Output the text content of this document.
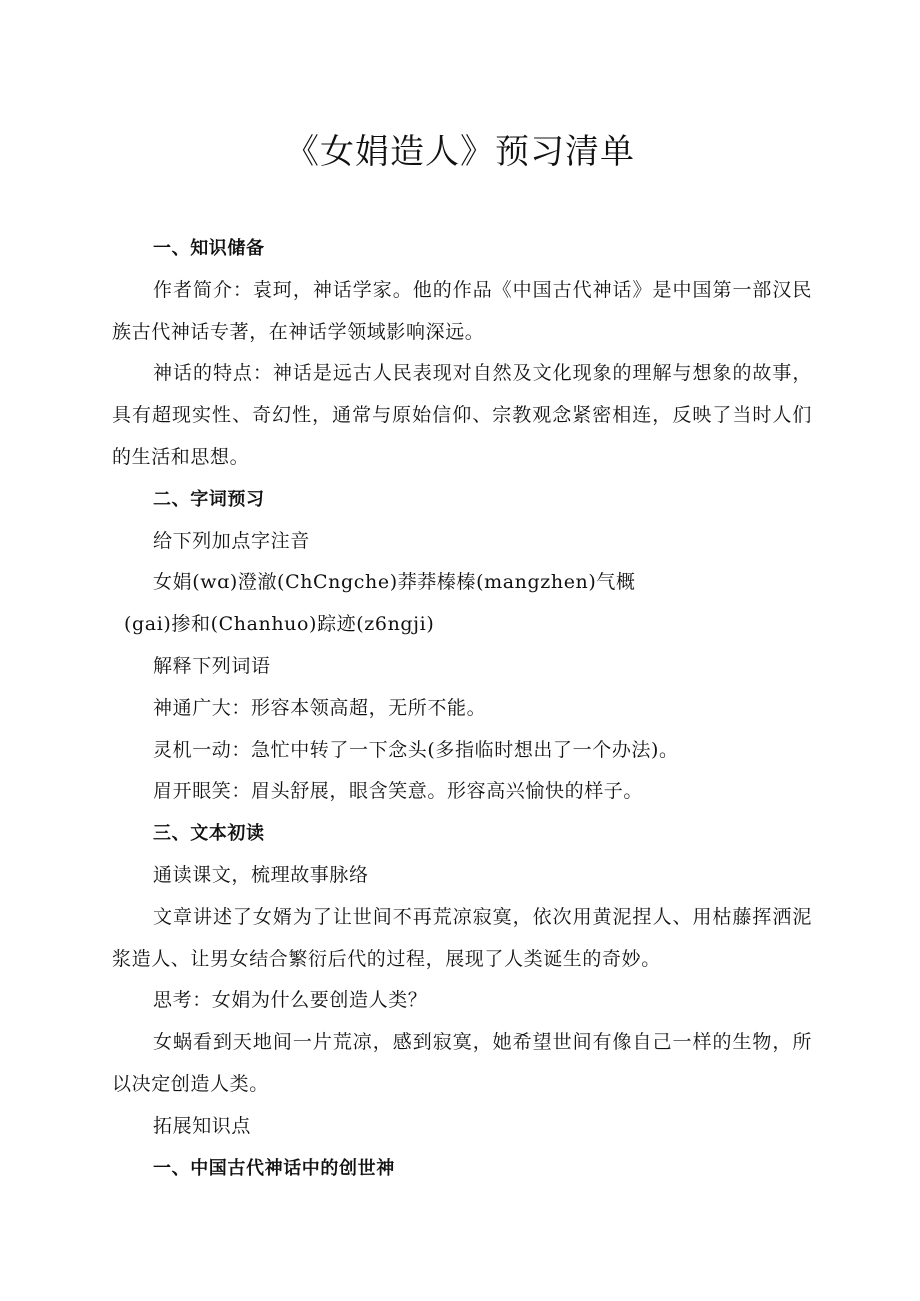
《女娟造人》预习清单

一、知识储备

作者简介：袁珂，神话学家。他的作品《中国古代神话》是中国第一部汉民族古代神话专著，在神话学领域影响深远。

神话的特点：神话是远古人民表现对自然及文化现象的理解与想象的故事，具有超现实性、奇幻性，通常与原始信仰、宗教观念紧密相连，反映了当时人们的生活和思想。

二、字词预习

给下列加点字注音

女娟(wɑ)澄澈(ChCngche)莽莽榛榛(mangzhen)气概

(gai)掺和(Chanhuo)踪迹(z6ngji)

解释下列词语

神通广大：形容本领高超，无所不能。

灵机一动：急忙中转了一下念头(多指临时想出了一个办法)。

眉开眼笑：眉头舒展，眼含笑意。形容高兴愉快的样子。

三、文本初读

通读课文，梳理故事脉络

文章讲述了女婿为了让世间不再荒凉寂寞，依次用黄泥捏人、用枯藤挥洒泥浆造人、让男女结合繁衍后代的过程，展现了人类诞生的奇妙。

思考：女娟为什么要创造人类？

女蜗看到天地间一片荒凉，感到寂寞，她希望世间有像自己一样的生物，所以决定创造人类。

拓展知识点

一、中国古代神话中的创世神
